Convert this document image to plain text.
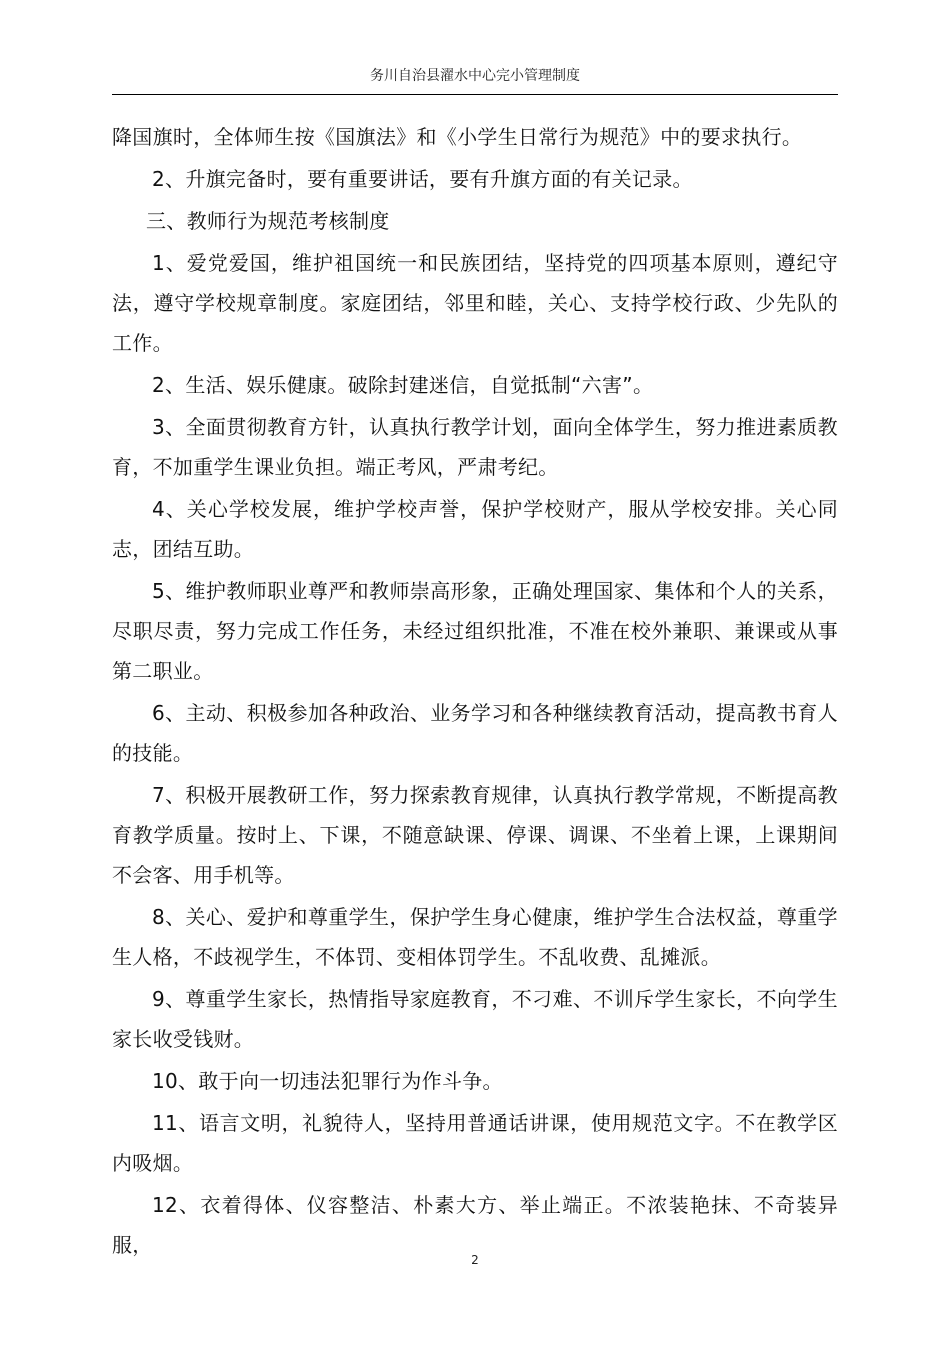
务川自治县濯水中心完小管理制度

降国旗时，全体师生按《国旗法》和《小学生日常行为规范》中的要求执行。

2、升旗完备时，要有重要讲话，要有升旗方面的有关记录。

三、教师行为规范考核制度

1、爱党爱国，维护祖国统一和民族团结，坚持党的四项基本原则，遵纪守法，遵守学校规章制度。家庭团结，邻里和睦，关心、支持学校行政、少先队的工作。

2、生活、娱乐健康。破除封建迷信，自觉抵制“六害”。

3、全面贯彻教育方针，认真执行教学计划，面向全体学生，努力推进素质教育，不加重学生课业负担。端正考风，严肃考纪。

4、关心学校发展，维护学校声誉，保护学校财产，服从学校安排。关心同志，团结互助。

5、维护教师职业尊严和教师崇高形象，正确处理国家、集体和个人的关系，尽职尽责，努力完成工作任务，未经过组织批准，不准在校外兼职、兼课或从事第二职业。

6、主动、积极参加各种政治、业务学习和各种继续教育活动，提高教书育人的技能。

7、积极开展教研工作，努力探索教育规律，认真执行教学常规，不断提高教育教学质量。按时上、下课，不随意缺课、停课、调课、不坐着上课，上课期间不会客、用手机等。

8、关心、爱护和尊重学生，保护学生身心健康，维护学生合法权益，尊重学生人格，不歧视学生，不体罚、变相体罚学生。不乱收费、乱摊派。

9、尊重学生家长，热情指导家庭教育，不刁难、不训斥学生家长，不向学生家长收受钱财。

10、敢于向一切违法犯罪行为作斗争。

11、语言文明，礼貌待人，坚持用普通话讲课，使用规范文字。不在教学区内吸烟。

12、衣着得体、仪容整洁、朴素大方、举止端正。不浓装艳抹、不奇装异服，

2
